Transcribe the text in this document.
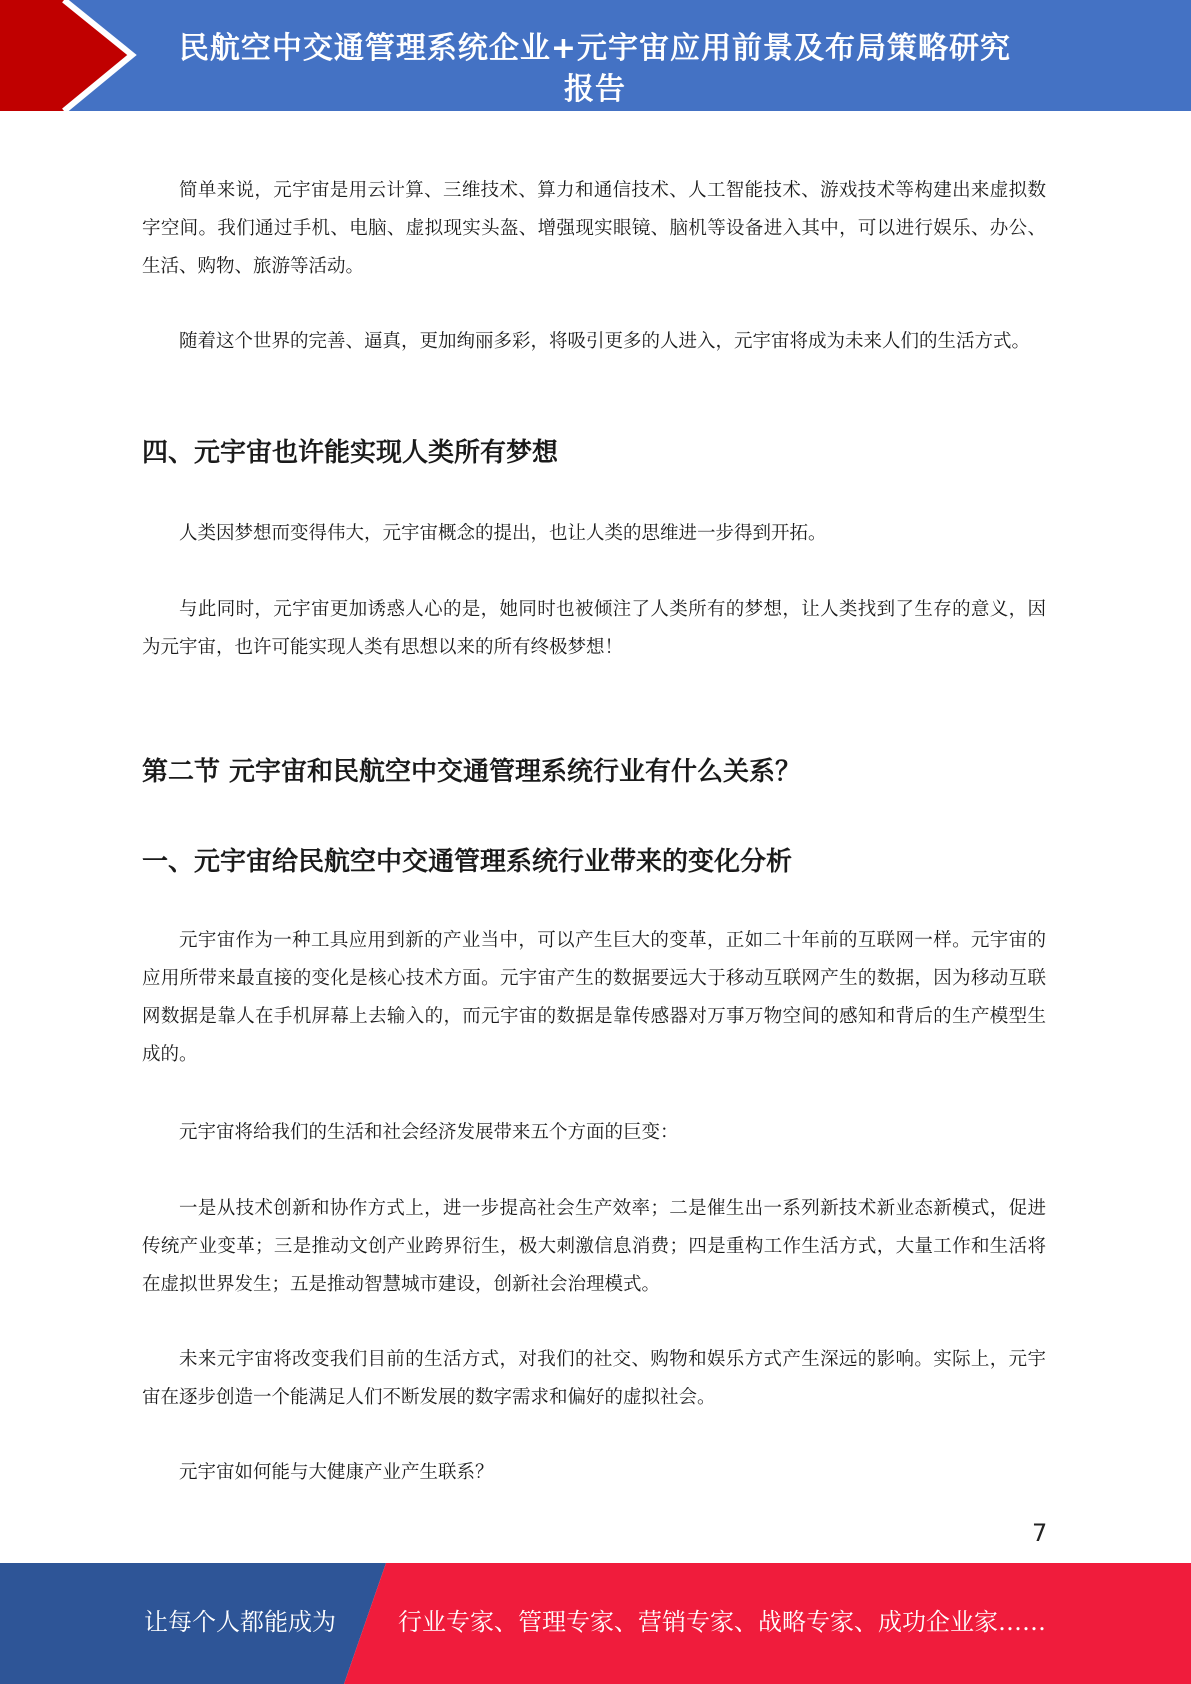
民航空中交通管理系统企业+元宇宙应用前景及布局策略研究
报告

简单来说，元宇宙是用云计算、三维技术、算力和通信技术、人工智能技术、游戏技术等构建出来虚拟数字空间。我们通过手机、电脑、虚拟现实头盔、增强现实眼镜、脑机等设备进入其中，可以进行娱乐、办公、生活、购物、旅游等活动。

随着这个世界的完善、逼真，更加绚丽多彩，将吸引更多的人进入，元宇宙将成为未来人们的生活方式。

四、元宇宙也许能实现人类所有梦想

人类因梦想而变得伟大，元宇宙概念的提出，也让人类的思维进一步得到开拓。

与此同时，元宇宙更加诱惑人心的是，她同时也被倾注了人类所有的梦想，让人类找到了生存的意义，因为元宇宙，也许可能实现人类有思想以来的所有终极梦想！

第二节 元宇宙和民航空中交通管理系统行业有什么关系？
一、元宇宙给民航空中交通管理系统行业带来的变化分析

元宇宙作为一种工具应用到新的产业当中，可以产生巨大的变革，正如二十年前的互联网一样。元宇宙的应用所带来最直接的变化是核心技术方面。元宇宙产生的数据要远大于移动互联网产生的数据，因为移动互联网数据是靠人在手机屏幕上去输入的，而元宇宙的数据是靠传感器对万事万物空间的感知和背后的生产模型生成的。

元宇宙将给我们的生活和社会经济发展带来五个方面的巨变：

一是从技术创新和协作方式上，进一步提高社会生产效率；二是催生出一系列新技术新业态新模式，促进传统产业变革；三是推动文创产业跨界衍生，极大刺激信息消费；四是重构工作生活方式，大量工作和生活将在虚拟世界发生；五是推动智慧城市建设，创新社会治理模式。

未来元宇宙将改变我们目前的生活方式，对我们的社交、购物和娱乐方式产生深远的影响。实际上，元宇宙在逐步创造一个能满足人们不断发展的数字需求和偏好的虚拟社会。

元宇宙如何能与大健康产业产生联系？

7
让每个人都能成为	行业专家、管理专家、营销专家、战略专家、成功企业家……
